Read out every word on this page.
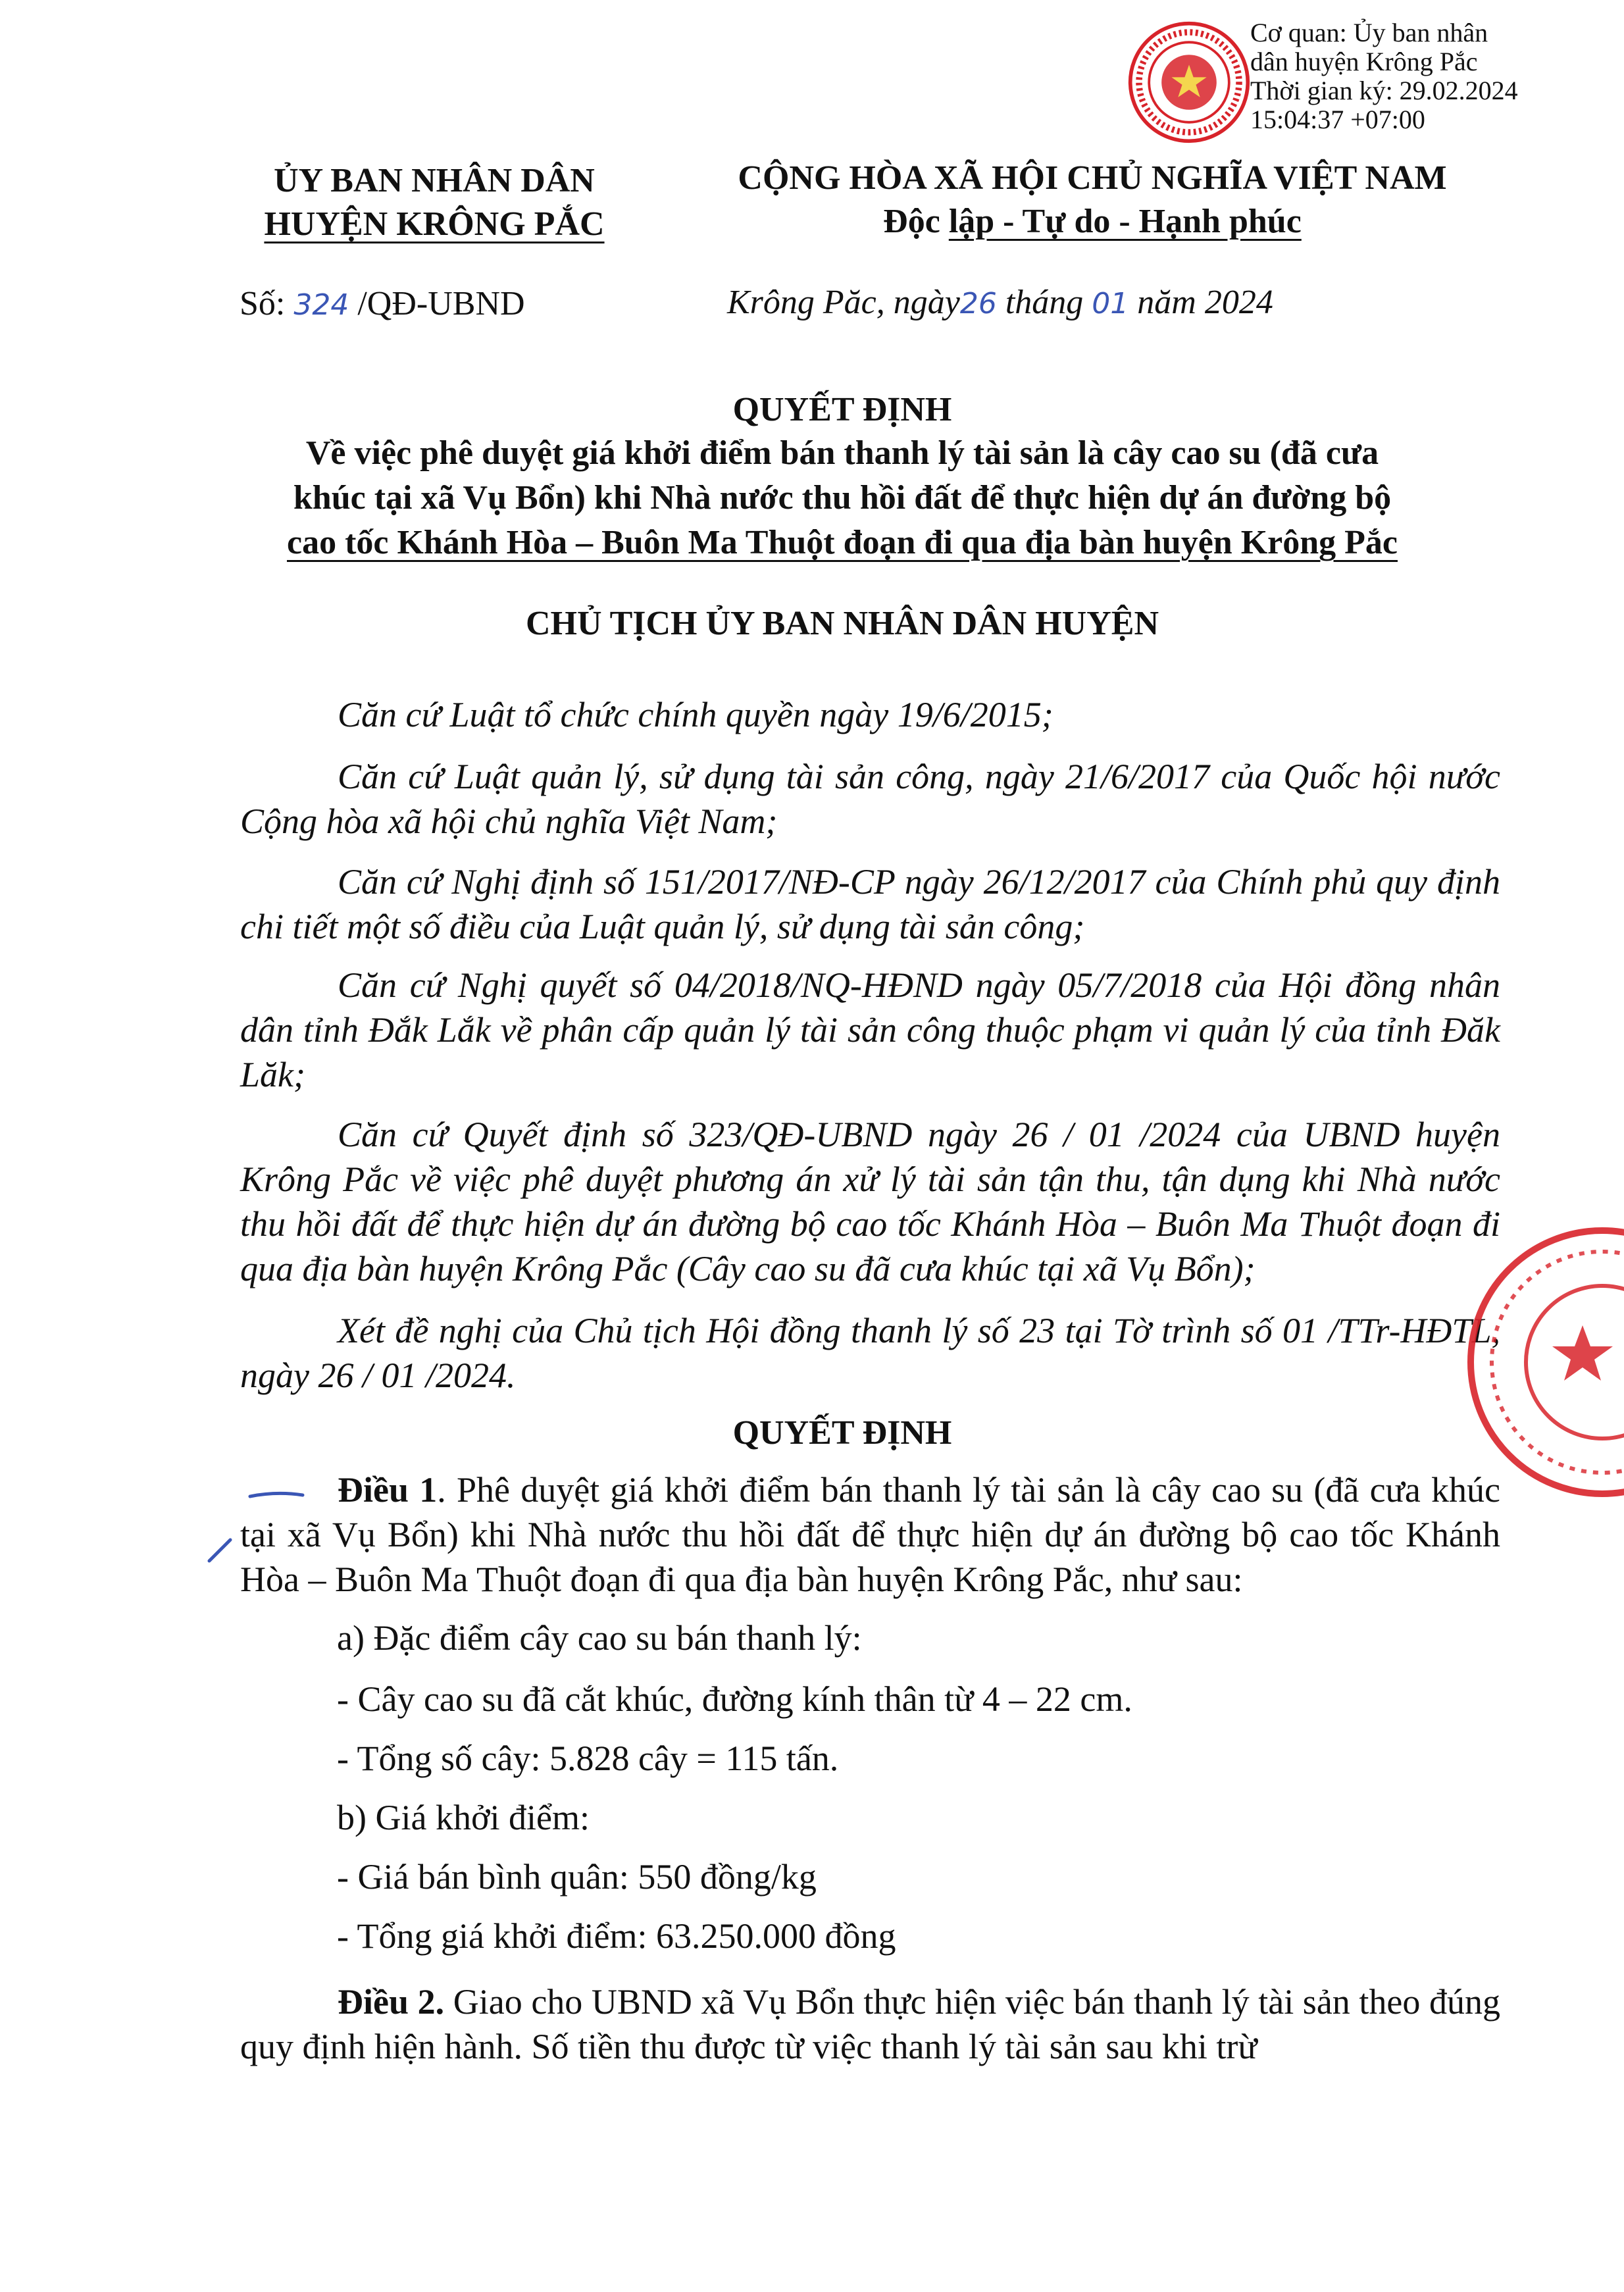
Cơ quan: Ủy ban nhân
dân huyện Krông Pắc
Thời gian ký: 29.02.2024
15:04:37 +07:00
ỦY BAN NHÂN DÂN
HUYỆN KRÔNG PẮC
CỘNG HÒA XÃ HỘI CHỦ NGHĨA VIỆT NAM
Độc lập - Tự do - Hạnh phúc
Số: 324 /QĐ-UBND	Krông Păc, ngày26 tháng 01 năm 2024
QUYẾT ĐỊNH
Về việc phê duyệt giá khởi điểm bán thanh lý tài sản là cây cao su (đã cưa
khúc tại xã Vụ Bổn) khi Nhà nước thu hồi đất để thực hiện dự án đường bộ
cao tốc Khánh Hòa – Buôn Ma Thuột đoạn đi qua địa bàn huyện Krông Pắc
CHỦ TỊCH ỦY BAN NHÂN DÂN HUYỆN
Căn cứ Luật tổ chức chính quyền ngày 19/6/2015;
Căn cứ Luật quản lý, sử dụng tài sản công, ngày 21/6/2017 của Quốc hội nước Cộng hòa xã hội chủ nghĩa Việt Nam;
Căn cứ Nghị định số 151/2017/NĐ-CP ngày 26/12/2017 của Chính phủ quy định chi tiết một số điều của Luật quản lý, sử dụng tài sản công;
Căn cứ Nghị quyết số 04/2018/NQ-HĐND ngày 05/7/2018 của Hội đồng nhân dân tỉnh Đắk Lắk về phân cấp quản lý tài sản công thuộc phạm vi quản lý của tỉnh Đăk Lăk;
Căn cứ Quyết định số 323/QĐ-UBND ngày 26 / 01 /2024 của UBND huyện Krông Pắc về việc phê duyệt phương án xử lý tài sản tận thu, tận dụng khi Nhà nước thu hồi đất để thực hiện dự án đường bộ cao tốc Khánh Hòa – Buôn Ma Thuột đoạn đi qua địa bàn huyện Krông Pắc (Cây cao su đã cưa khúc tại xã Vụ Bổn);
Xét đề nghị của Chủ tịch Hội đồng thanh lý số 23 tại Tờ trình số 01 /TTr-HĐTL, ngày 26 / 01 /2024.
QUYẾT ĐỊNH
Điều 1. Phê duyệt giá khởi điểm bán thanh lý tài sản là cây cao su (đã cưa khúc tại xã Vụ Bổn) khi Nhà nước thu hồi đất để thực hiện dự án đường bộ cao tốc Khánh Hòa – Buôn Ma Thuột đoạn đi qua địa bàn huyện Krông Pắc, như sau:
a) Đặc điểm cây cao su bán thanh lý:
- Cây cao su đã cắt khúc, đường kính thân từ 4 – 22 cm.
- Tổng số cây: 5.828 cây = 115 tấn.
b) Giá khởi điểm:
- Giá bán bình quân: 550 đồng/kg
- Tổng giá khởi điểm: 63.250.000 đồng
Điều 2. Giao cho UBND xã Vụ Bổn thực hiện việc bán thanh lý tài sản theo đúng quy định hiện hành. Số tiền thu được từ việc thanh lý tài sản sau khi trừ
